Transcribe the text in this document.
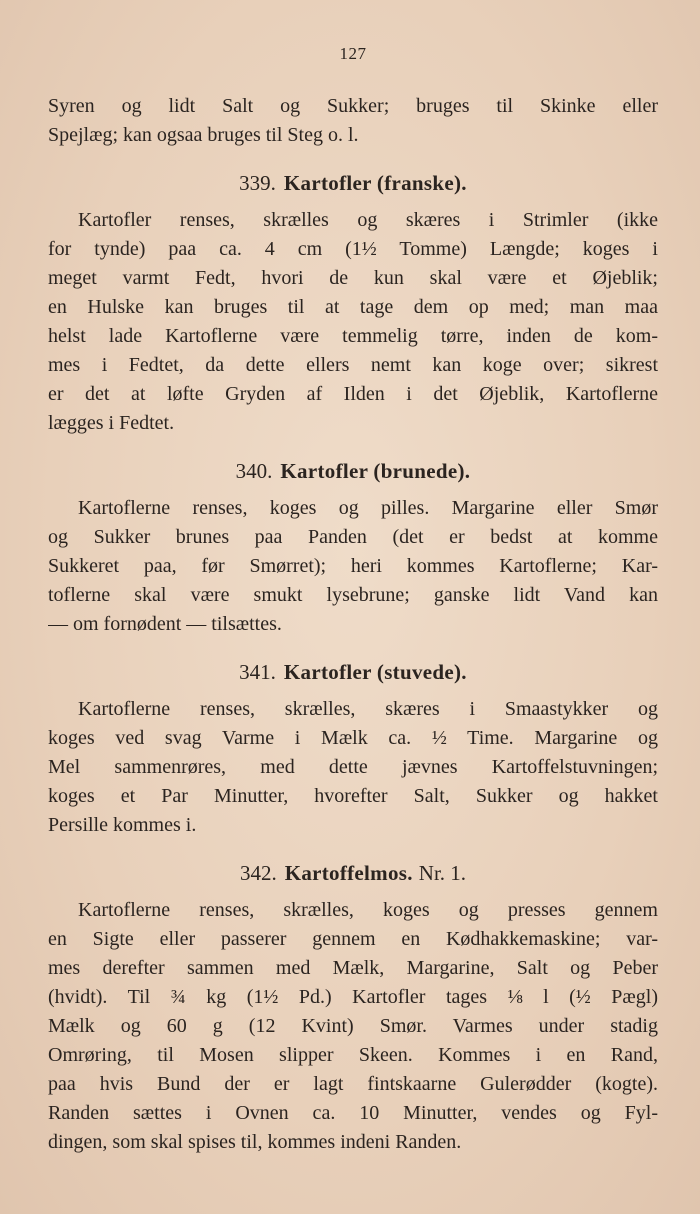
127
Syren og lidt Salt og Sukker; bruges til Skinke eller
Spejlæg; kan ogsaa bruges til Steg o. l.
339. Kartofler (franske).
Kartofler renses, skrælles og skæres i Strimler (ikke
for tynde) paa ca. 4 cm (1½ Tomme) Længde; koges i
meget varmt Fedt, hvori de kun skal være et Øjeblik;
en Hulske kan bruges til at tage dem op med; man maa
helst lade Kartoflerne være temmelig tørre, inden de kom-
mes i Fedtet, da dette ellers nemt kan koge over; sikrest
er det at løfte Gryden af Ilden i det Øjeblik, Kartoflerne
lægges i Fedtet.
340. Kartofler (brunede).
Kartoflerne renses, koges og pilles. Margarine eller Smør
og Sukker brunes paa Panden (det er bedst at komme
Sukkeret paa, før Smørret); heri kommes Kartoflerne; Kar-
toflerne skal være smukt lysebrune; ganske lidt Vand kan
— om fornødent — tilsættes.
341. Kartofler (stuvede).
Kartoflerne renses, skrælles, skæres i Smaastykker og
koges ved svag Varme i Mælk ca. ½ Time. Margarine og
Mel sammenrøres, med dette jævnes Kartoffelstuvningen;
koges et Par Minutter, hvorefter Salt, Sukker og hakket
Persille kommes i.
342. Kartoffelmos. Nr. 1.
Kartoflerne renses, skrælles, koges og presses gennem
en Sigte eller passerer gennem en Kødhakkemaskine; var-
mes derefter sammen med Mælk, Margarine, Salt og Peber
(hvidt). Til ¾ kg (1½ Pd.) Kartofler tages ⅛ l (½ Pægl)
Mælk og 60 g (12 Kvint) Smør. Varmes under stadig
Omrøring, til Mosen slipper Skeen. Kommes i en Rand,
paa hvis Bund der er lagt fintskaarne Gulerødder (kogte).
Randen sættes i Ovnen ca. 10 Minutter, vendes og Fyl-
dingen, som skal spises til, kommes indeni Randen.
